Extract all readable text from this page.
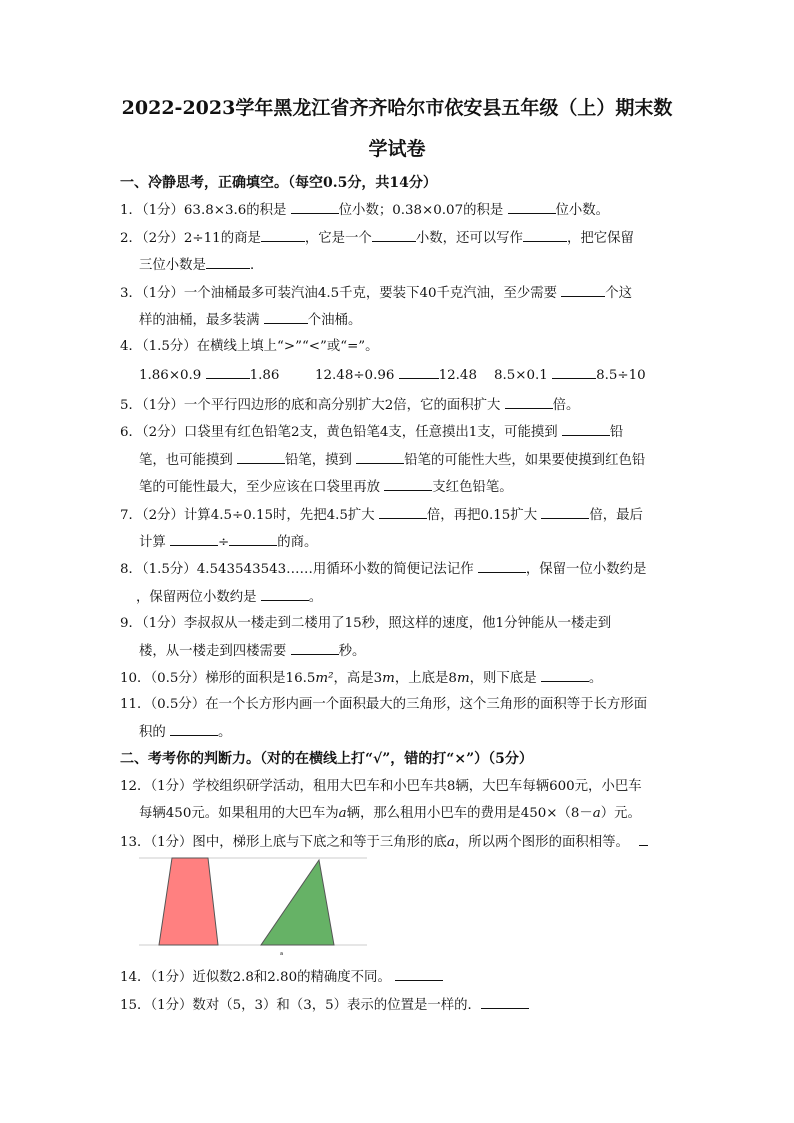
2022-2023学年黑龙江省齐齐哈尔市依安县五年级（上）期末数
学试卷
一、冷静思考，正确填空。（每空0.5分，共14分）
1．（1分）63.8×3.6的积是	位小数；0.38×0.07的积是	位小数。
2．（2分）2÷11的商是	，它是一个	小数，还可以写作	，把它保留
三位小数是	．
3．（1分）一个油桶最多可装汽油4.5千克，要装下40千克汽油，至少需要	个这
样的油桶，最多装满	个油桶。
4．（1.5分）在横线上填上“>”“<”或“=”。
1.86×0.9	1.86	12.48÷0.96	12.48 8.5×0.1	8.5÷10
5．（1分）一个平行四边形的底和高分别扩大2倍，它的面积扩大	倍。
6．（2分）口袋里有红色铅笔2支，黄色铅笔4支，任意摸出1支，可能摸到	铅
笔，也可能摸到	铅笔，摸到	铅笔的可能性大些，如果要使摸到红色铅
笔的可能性最大，至少应该在口袋里再放	支红色铅笔。
7．（2分）计算4.5÷0.15时，先把4.5扩大	倍，再把0.15扩大	倍，最后
计算	÷	的商。
8．（1.5分）4.543543543……用循环小数的简便记法记作	，保留一位小数约是
，保留两位小数约是	。
9．（1分）李叔叔从一楼走到二楼用了15秒，照这样的速度，他1分钟能从一楼走到
楼，从一楼走到四楼需要	秒。
10．（0.5分）梯形的面积是16.5m²，高是3m，上底是8m，则下底是	。
11．（0.5分）在一个长方形内画一个面积最大的三角形，这个三角形的面积等于长方形面
积的	。
二、考考你的判断力。（对的在横线上打“√”，错的打“×”）（5分）
12．（1分）学校组织研学活动，租用大巴车和小巴车共8辆，大巴车每辆600元，小巴车
每辆450元。如果租用的大巴车为a辆，那么租用小巴车的费用是450×（8－a）元。
13．（1分）图中，梯形上底与下底之和等于三角形的底a，所以两个图形的面积相等。
a
14．（1分）近似数2.8和2.80的精确度不同。
15．（1分）数对（5，3）和（3，5）表示的位置是一样的．
